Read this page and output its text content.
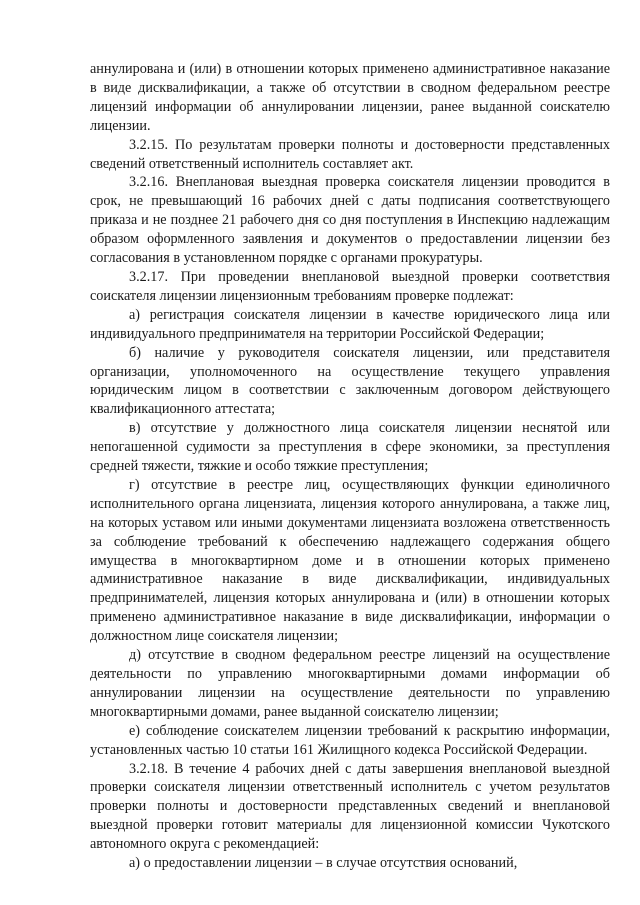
аннулирована и (или) в отношении которых применено административное наказание в виде дисквалификации, а также об отсутствии в сводном федеральном реестре лицензий информации об аннулировании лицензии, ранее выданной соискателю лицензии.

3.2.15. По результатам проверки полноты и достоверности представленных сведений ответственный исполнитель составляет акт.

3.2.16. Внеплановая выездная проверка соискателя лицензии проводится в срок, не превышающий 16 рабочих дней с даты подписания соответствующего приказа и не позднее 21 рабочего дня со дня поступления в Инспекцию надлежащим образом оформленного заявления и документов о предоставлении лицензии без согласования в установленном порядке с органами прокуратуры.

3.2.17. При проведении внеплановой выездной проверки соответствия соискателя лицензии лицензионным требованиям проверке подлежат:

а) регистрация соискателя лицензии в качестве юридического лица или индивидуального предпринимателя на территории Российской Федерации;

б) наличие у руководителя соискателя лицензии, или представителя организации, уполномоченного на осуществление текущего управления юридическим лицом в соответствии с заключенным договором действующего квалификационного аттестата;

в) отсутствие у должностного лица соискателя лицензии неснятой или непогашенной судимости за преступления в сфере экономики, за преступления средней тяжести, тяжкие и особо тяжкие преступления;

г) отсутствие в реестре лиц, осуществляющих функции единоличного исполнительного органа лицензиата, лицензия которого аннулирована, а также лиц, на которых уставом или иными документами лицензиата возложена ответственность за соблюдение требований к обеспечению надлежащего содержания общего имущества в многоквартирном доме и в отношении которых применено административное наказание в виде дисквалификации, индивидуальных предпринимателей, лицензия которых аннулирована и (или) в отношении которых применено административное наказание в виде дисквалификации, информации о должностном лице соискателя лицензии;

д) отсутствие в сводном федеральном реестре лицензий на осуществление деятельности по управлению многоквартирными домами информации об аннулировании лицензии на осуществление деятельности по управлению многоквартирными домами, ранее выданной соискателю лицензии;

е) соблюдение соискателем лицензии требований к раскрытию информации, установленных частью 10 статьи 161 Жилищного кодекса Российской Федерации.

3.2.18. В течение 4 рабочих дней с даты завершения внеплановой выездной проверки соискателя лицензии ответственный исполнитель с учетом результатов проверки полноты и достоверности представленных сведений и внеплановой выездной проверки готовит материалы для лицензионной комиссии Чукотского автономного округа с рекомендацией:

а) о предоставлении лицензии – в случае отсутствия оснований,
